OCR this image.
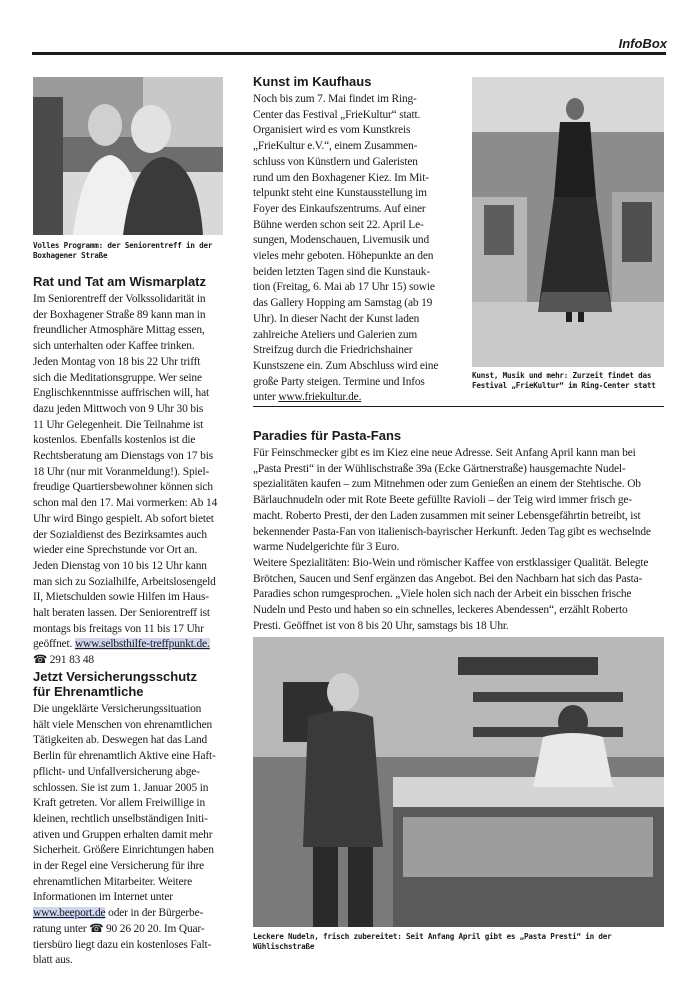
InfoBox
Volles Programm: der Seniorentreff in der
Boxhagener Straße
Rat und Tat am Wismarplatz
Im Seniorentreff der Volkssolidarität in
der Boxhagener Straße 89 kann man in
freundlicher Atmosphäre Mittag essen,
sich unterhalten oder Kaffee trinken.
Jeden Montag von 18 bis 22 Uhr trifft
sich die Meditationsgruppe. Wer seine
Englischkenntnisse auffrischen will, hat
dazu jeden Mittwoch von 9 Uhr 30 bis
11 Uhr Gelegenheit. Die Teilnahme ist
kostenlos. Ebenfalls kostenlos ist die
Rechtsberatung am Dienstags von 17 bis
18 Uhr (nur mit Voranmeldung!). Spiel-
freudige Quartiersbewohner können sich
schon mal den 17. Mai vormerken: Ab 14
Uhr wird Bingo gespielt. Ab sofort bietet
der Sozialdienst des Bezirksamtes auch
wieder eine Sprechstunde vor Ort an.
Jeden Dienstag von 10 bis 12 Uhr kann
man sich zu Sozialhilfe, Arbeitslosengeld
II, Mietschulden sowie Hilfen im Haus-
halt beraten lassen. Der Seniorentreff ist
montags bis freitags von 11 bis 17 Uhr
geöffnet. www.selbsthilfe-treffpunkt.de.
☎ 291 83 48
Jetzt Versicherungsschutz
für Ehrenamtliche
Die ungeklärte Versicherungssituation
hält viele Menschen von ehrenamtlichen
Tätigkeiten ab. Deswegen hat das Land
Berlin für ehrenamtlich Aktive eine Haft-
pflicht- und Unfallversicherung abge-
schlossen. Sie ist zum 1. Januar 2005 in
Kraft getreten. Vor allem Freiwillige in
kleinen, rechtlich unselbständigen Initi-
ativen und Gruppen erhalten damit mehr
Sicherheit. Größere Einrichtungen haben
in der Regel eine Versicherung für ihre
ehrenamtlichen Mitarbeiter. Weitere
Informationen im Internet unter
www.beeport.de oder in der Bürgerbe-
ratung unter ☎ 90 26 20 20. Im Quar-
tiersbüro liegt dazu ein kostenloses Falt-
blatt aus.
Kunst im Kaufhaus
Noch bis zum 7. Mai findet im Ring-
Center das Festival „FrieKultur“ statt.
Organisiert wird es vom Kunstkreis
„FrieKultur e.V.“, einem Zusammen-
schluss von Künstlern und Galeristen
rund um den Boxhagener Kiez. Im Mit-
telpunkt steht eine Kunstausstellung im
Foyer des Einkaufszentrums. Auf einer
Bühne werden schon seit 22. April Le-
sungen, Modenschauen, Livemusik und
vieles mehr geboten. Höhepunkte an den
beiden letzten Tagen sind die Kunstauk-
tion (Freitag, 6. Mai ab 17 Uhr 15) sowie
das Gallery Hopping am Samstag (ab 19
Uhr). In dieser Nacht der Kunst laden
zahlreiche Ateliers und Galerien zum
Streifzug durch die Friedrichshainer
Kunstszene ein. Zum Abschluss wird eine
große Party steigen. Termine und Infos
unter www.friekultur.de.
Kunst, Musik und mehr: Zurzeit findet das
Festival „FrieKultur“ im Ring-Center statt
Paradies für Pasta-Fans
Für Feinschmecker gibt es im Kiez eine neue Adresse. Seit Anfang April kann man bei
„Pasta Presti“ in der Wühlischstraße 39a (Ecke Gärtnerstraße) hausgemachte Nudel-
spezialitäten kaufen – zum Mitnehmen oder zum Genießen an einem der Stehtische. Ob
Bärlauchnudeln oder mit Rote Beete gefüllte Ravioli – der Teig wird immer frisch ge-
macht. Roberto Presti, der den Laden zusammen mit seiner Lebensgefährtin betreibt, ist
bekennender Pasta-Fan von italienisch-bayrischer Herkunft. Jeden Tag gibt es wechselnde
warme Nudelgerichte für 3 Euro.
Weitere Spezialitäten: Bio-Wein und römischer Kaffee von erstklassiger Qualität. Belegte
Brötchen, Saucen und Senf ergänzen das Angebot. Bei den Nachbarn hat sich das Pasta-
Paradies schon rumgesprochen. „Viele holen sich nach der Arbeit ein bisschen frische
Nudeln und Pesto und haben so ein schnelles, leckeres Abendessen“, erzählt Roberto
Presti. Geöffnet ist von 8 bis 20 Uhr, samstags bis 18 Uhr.
Leckere Nudeln, frisch zubereitet: Seit Anfang April gibt es „Pasta Presti“ in der
Wühlischstraße
